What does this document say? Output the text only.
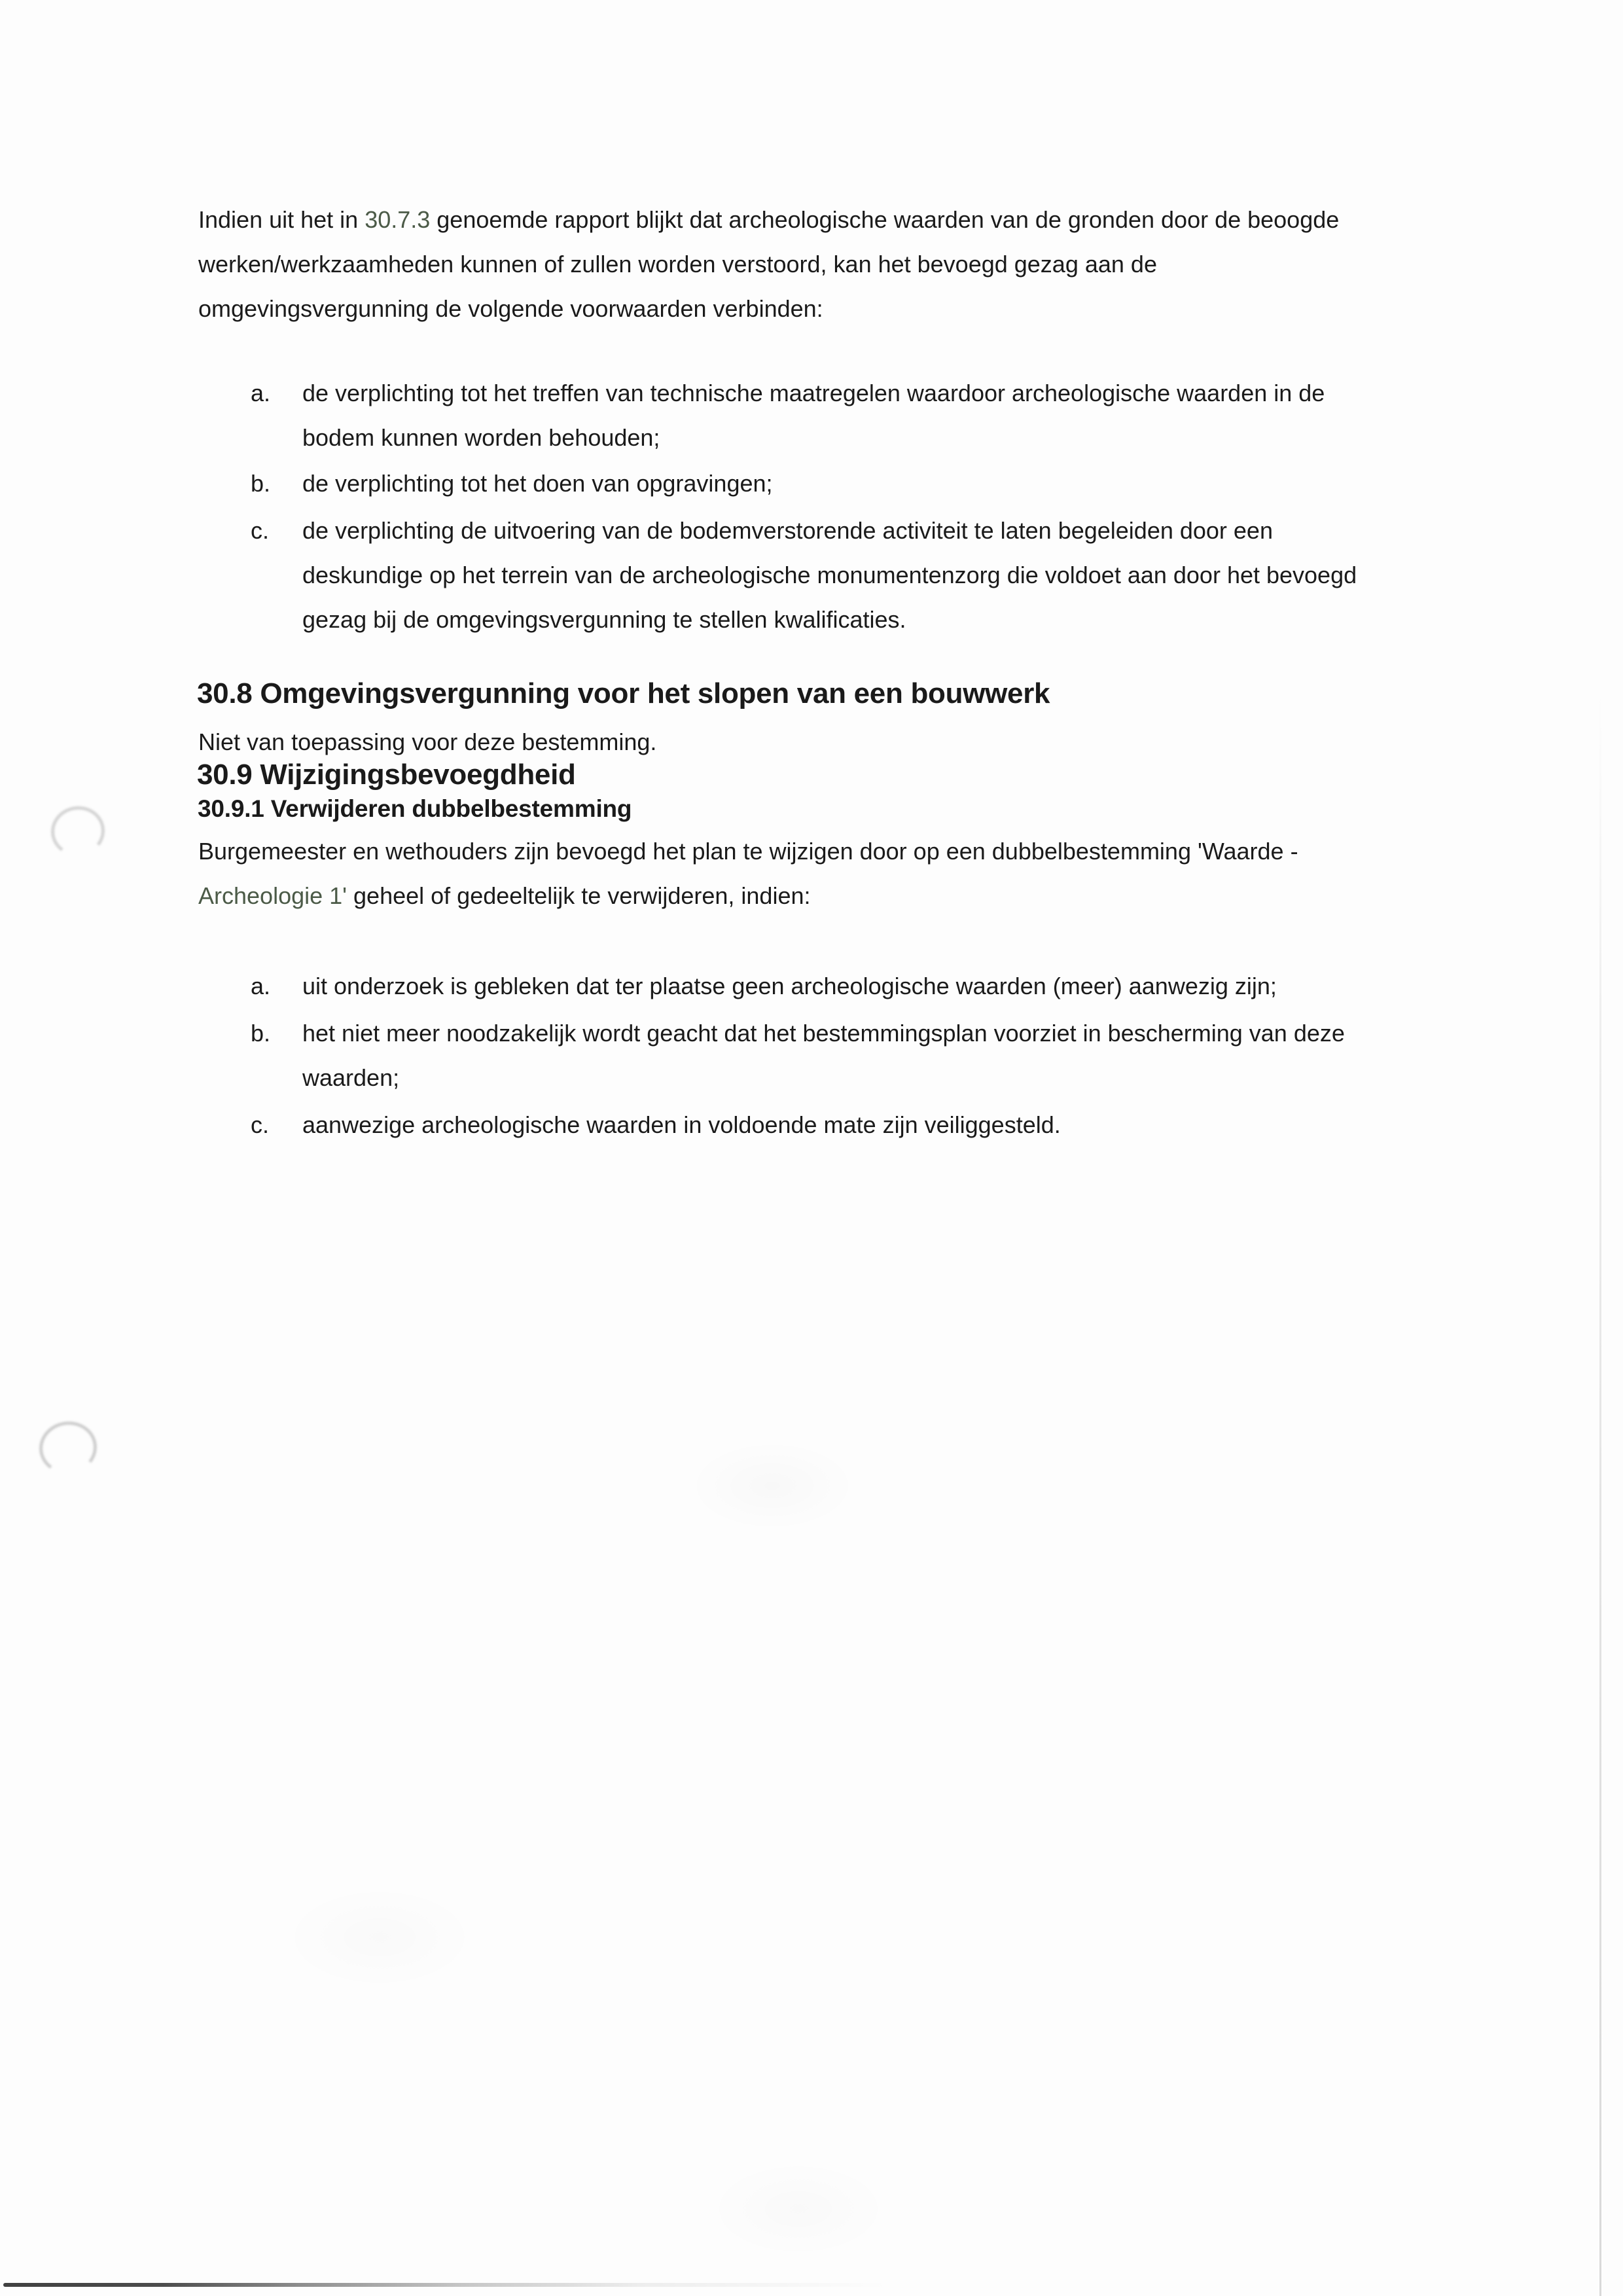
Indien uit het in 30.7.3 genoemde rapport blijkt dat archeologische waarden van de gronden door de beoogde
werken/werkzaamheden kunnen of zullen worden verstoord, kan het bevoegd gezag aan de
omgevingsvergunning de volgende voorwaarden verbinden:
a. de verplichting tot het treffen van technische maatregelen waardoor archeologische waarden in de
bodem kunnen worden behouden;
b. de verplichting tot het doen van opgravingen;
c. de verplichting de uitvoering van de bodemverstorende activiteit te laten begeleiden door een
deskundige op het terrein van de archeologische monumentenzorg die voldoet aan door het bevoegd
gezag bij de omgevingsvergunning te stellen kwalificaties.
30.8 Omgevingsvergunning voor het slopen van een bouwwerk
Niet van toepassing voor deze bestemming.
30.9 Wijzigingsbevoegdheid
30.9.1 Verwijderen dubbelbestemming
Burgemeester en wethouders zijn bevoegd het plan te wijzigen door op een dubbelbestemming 'Waarde -
Archeologie 1' geheel of gedeeltelijk te verwijderen, indien:
a. uit onderzoek is gebleken dat ter plaatse geen archeologische waarden (meer) aanwezig zijn;
b. het niet meer noodzakelijk wordt geacht dat het bestemmingsplan voorziet in bescherming van deze
waarden;
c. aanwezige archeologische waarden in voldoende mate zijn veiliggesteld.
